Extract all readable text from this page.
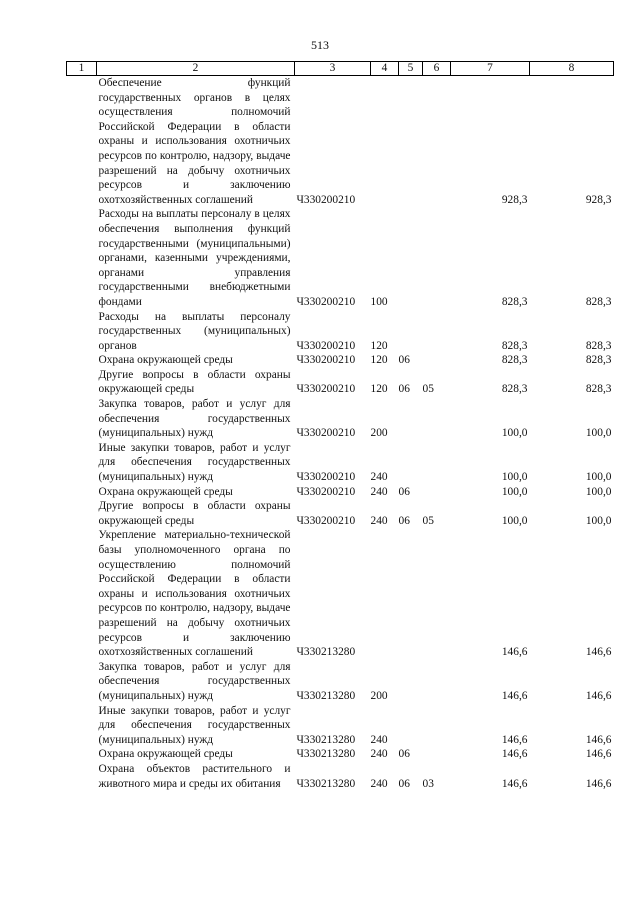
513
1	2	3	4	5	6	7	8
	Обеспечение функций государственных органов в целях осуществления полномочий Российской Федерации в области охраны и использования охотничьих ресурсов по контролю, надзору, выдаче разрешений на добычу охотничьих ресурсов и заключению охотхозяйственных соглашений	Ч330200210				928,3	928,3
	Расходы на выплаты персоналу в целях обеспечения выполнения функций государственными (муниципальными) органами, казенными учреждениями, органами управления государственными внебюджетными фондами	Ч330200210	100			828,3	828,3
	Расходы на выплаты персоналу государственных (муниципальных) органов	Ч330200210	120			828,3	828,3
	Охрана окружающей среды	Ч330200210	120	06		828,3	828,3
	Другие вопросы в области охраны окружающей среды	Ч330200210	120	06	05	828,3	828,3
	Закупка товаров, работ и услуг для обеспечения государственных (муниципальных) нужд	Ч330200210	200			100,0	100,0
	Иные закупки товаров, работ и услуг для обеспечения государственных (муниципальных) нужд	Ч330200210	240			100,0	100,0
	Охрана окружающей среды	Ч330200210	240	06		100,0	100,0
	Другие вопросы в области охраны окружающей среды	Ч330200210	240	06	05	100,0	100,0
	Укрепление материально-технической базы уполномоченного органа по осуществлению полномочий Российской Федерации в области охраны и использования охотничьих ресурсов по контролю, надзору, выдаче разрешений на добычу охотничьих ресурсов и заключению охотхозяйственных соглашений	Ч330213280				146,6	146,6
	Закупка товаров, работ и услуг для обеспечения государственных (муниципальных) нужд	Ч330213280	200			146,6	146,6
	Иные закупки товаров, работ и услуг для обеспечения государственных (муниципальных) нужд	Ч330213280	240			146,6	146,6
	Охрана окружающей среды	Ч330213280	240	06		146,6	146,6
	Охрана объектов растительного и животного мира и среды их обитания	Ч330213280	240	06	03	146,6	146,6
